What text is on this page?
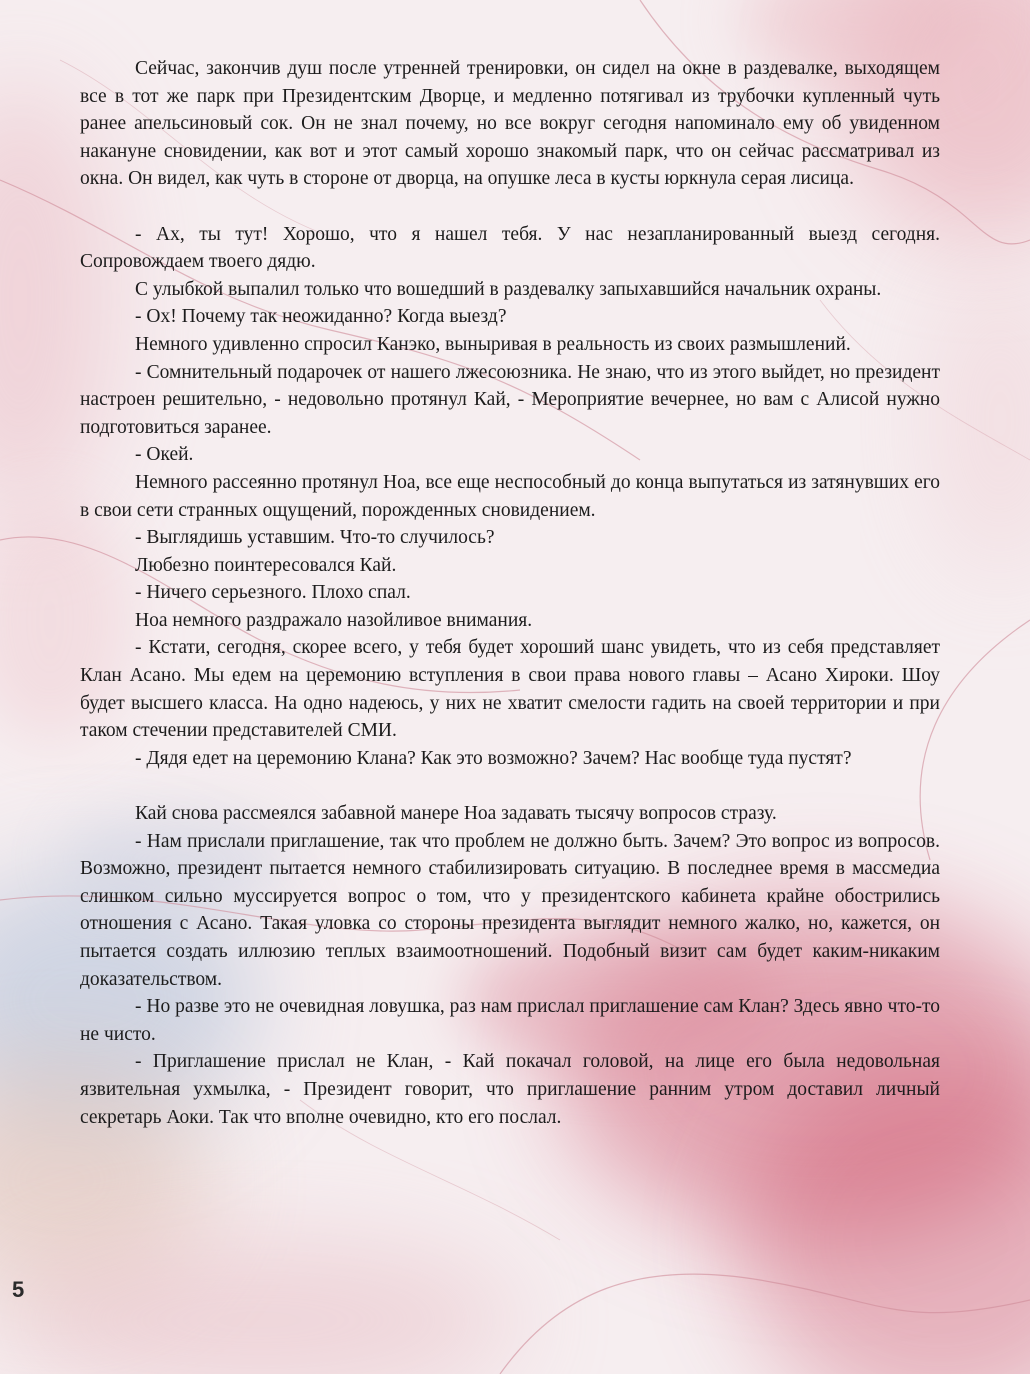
Сейчас, закончив душ после утренней тренировки, он сидел на окне в раздевалке, выходящем все в тот же парк при Президентским Дворце, и медленно потягивал из трубочки купленный чуть ранее апельсиновый сок. Он не знал почему, но все вокруг сегодня напоминало ему об увиденном накануне сновидении, как вот и этот самый хорошо знакомый парк, что он сейчас рассматривал из окна. Он видел, как чуть в стороне от дворца, на опушке леса в кусты юркнула серая лисица.

- Ах, ты тут! Хорошо, что я нашел тебя. У нас незапланированный выезд сегодня. Сопровождаем твоего дядю.

С улыбкой выпалил только что вошедший в раздевалку запыхавшийся начальник охраны.

- Ох! Почему так неожиданно? Когда выезд?

Немного удивленно спросил Канэко, выныривая в реальность из своих размышлений.

- Сомнительный подарочек от нашего лжесоюзника. Не знаю, что из этого выйдет, но президент настроен решительно, - недовольно протянул Кай, - Мероприятие вечернее, но вам с Алисой нужно подготовиться заранее.

- Окей.

Немного рассеянно протянул Ноа, все еще неспособный до конца выпутаться из затянувших его в свои сети странных ощущений, порожденных сновидением.

- Выглядишь уставшим. Что-то случилось?

Любезно поинтересовался Кай.

- Ничего серьезного. Плохо спал.

Ноа немного раздражало назойливое внимания.

- Кстати, сегодня, скорее всего, у тебя будет хороший шанс увидеть, что из себя представляет Клан Асано. Мы едем на церемонию вступления в свои права нового главы – Асано Хироки. Шоу будет высшего класса. На одно надеюсь, у них не хватит смелости гадить на своей территории и при таком стечении представителей СМИ.

- Дядя едет на церемонию Клана? Как это возможно? Зачем? Нас вообще туда пустят?

Кай снова рассмеялся забавной манере Ноа задавать тысячу вопросов стразу.

- Нам прислали приглашение, так что проблем не должно быть. Зачем? Это вопрос из вопросов. Возможно, президент пытается немного стабилизировать ситуацию. В последнее время в массмедиа слишком сильно муссируется вопрос о том, что у президентского кабинета крайне обострились отношения с Асано. Такая уловка со стороны президента выглядит немного жалко, но, кажется, он пытается создать иллюзию теплых взаимоотношений. Подобный визит сам будет каким-никаким доказательством.

- Но разве это не очевидная ловушка, раз нам прислал приглашение сам Клан? Здесь явно что-то не чисто.

- Приглашение прислал не Клан, - Кай покачал головой, на лице его была недовольная язвительная ухмылка, - Президент говорит, что приглашение ранним утром доставил личный секретарь Аоки. Так что вполне очевидно, кто его послал.

5
